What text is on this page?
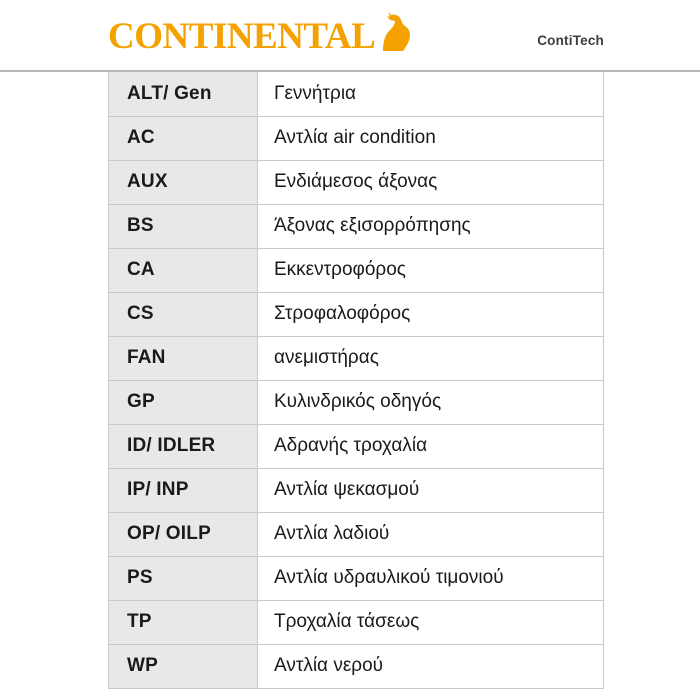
CONTINENTAL	ContiTech
	ALT/ Gen	Γεννήτρια	
	AC	Αντλία air condition	
	AUX	Ενδιάμεσος άξονας	
	BS	Άξονας εξισορρόπησης	
	CA	Εκκεντροφόρος	
	CS	Στροφαλοφόρος	
	FAN	ανεμιστήρας	
	GP	Κυλινδρικός οδηγός	
	ID/ IDLER	Αδρανής τροχαλία	
	IP/ INP	Αντλία ψεκασμού	
	OP/ OILP	Αντλία λαδιού	
	PS	Αντλία υδραυλικού τιμονιού	
	TP	Τροχαλία τάσεως	
	WP	Αντλία νερού	
